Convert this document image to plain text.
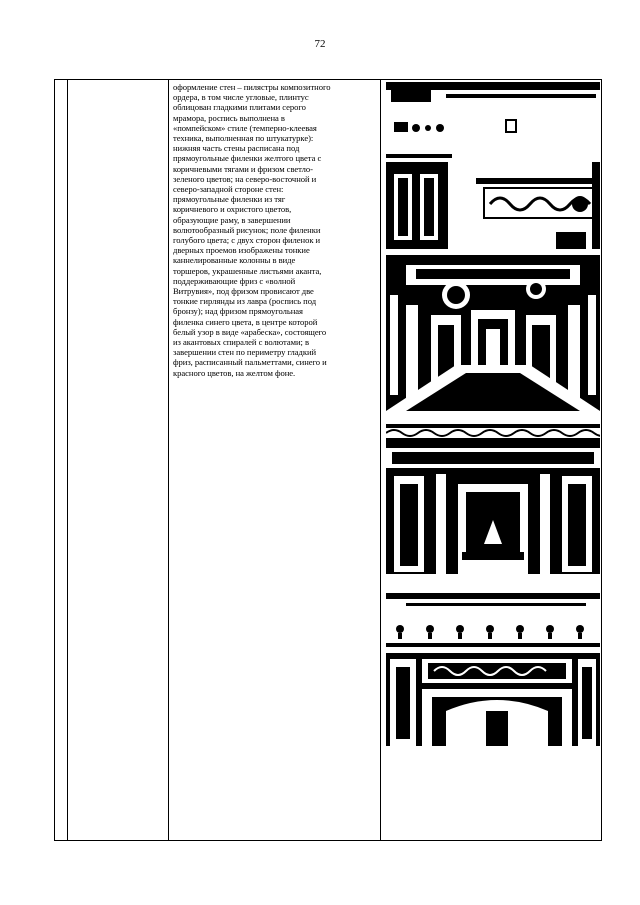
72
оформление стен – пилястры композитного
ордера, в том числе угловые, плинтус
облицован гладкими плитами серого
мрамора, роспись выполнена в
«помпейском» стиле (темперно-клеевая
техника, выполненная по штукатурке):
нижняя часть стены расписана под
прямоугольные филенки желтого цвета с
коричневыми тягами и фризом светло-
зеленого цветов; на северо-восточной и
северо-западной стороне стен:
прямоугольные филенки из тяг
коричневого и охристого цветов,
образующие раму, в завершении
волютообразный рисунок; поле филенки
голубого цвета; с двух сторон филенок и
дверных проемов изображены тонкие
каннелированные колонны в виде
торшеров, украшенные листьями аканта,
поддерживающие фриз с «волной
Витрувия», под фризом провисают две
тонкие гирлянды из лавра (роспись под
бронзу); над фризом прямоугольная
филенка синего цвета, в центре которой
белый узор в виде «арабеска», состоящего
из акантовых спиралей с волютами; в
завершении стен по периметру гладкий
фриз, расписанный пальметтами, синего и
красного цветов, на желтом фоне.
